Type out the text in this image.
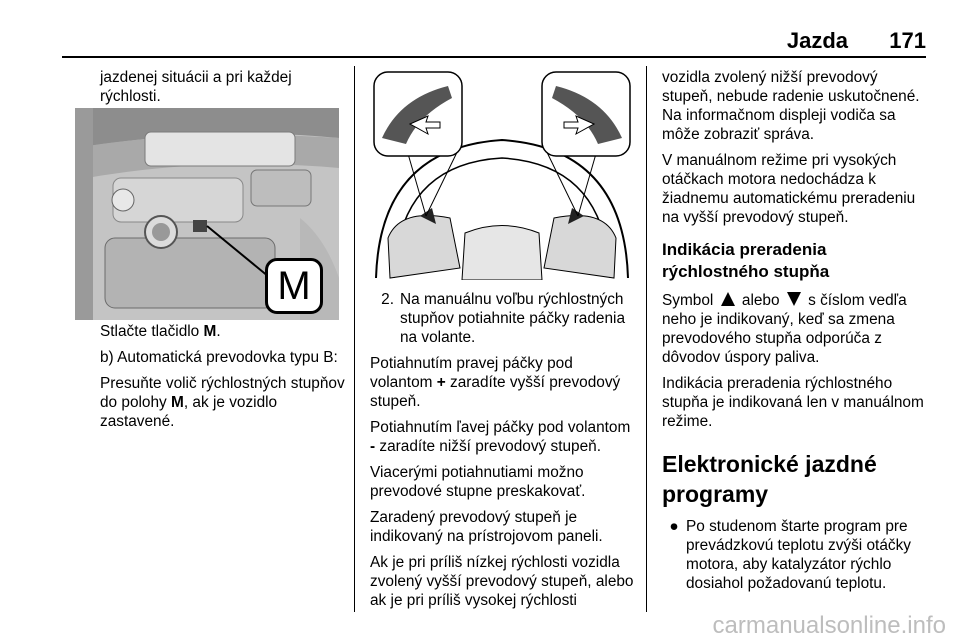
Jazda	171

jazdenej situácii a pri každej rýchlosti.

M

Stlačte tlačidlo M.

b) Automatická prevodovka typu B:

Presuňte volič rýchlostných stupňov do polohy M, ak je vozidlo zastavené.

2. Na manuálnu voľbu rýchlostných stupňov potiahnite páčky radenia na volante.

Potiahnutím pravej páčky pod volantom + zaradíte vyšší prevodový stupeň.

Potiahnutím ľavej páčky pod volantom - zaradíte nižší prevodový stupeň.

Viacerými potiahnutiami možno prevodové stupne preskakovať.

Zaradený prevodový stupeň je indikovaný na prístrojovom paneli.

Ak je pri príliš nízkej rýchlosti vozidla zvolený vyšší prevodový stupeň, alebo ak je pri príliš vysokej rýchlosti

vozidla zvolený nižší prevodový stupeň, nebude radenie uskutočnené. Na informačnom displeji vodiča sa môže zobraziť správa.

V manuálnom režime pri vysokých otáčkach motora nedochádza k žiadnemu automatickému preradeniu na vyšší prevodový stupeň.

Indikácia preradenia rýchlostného stupňa

Symbol  alebo  s číslom vedľa neho je indikovaný, keď sa zmena prevodového stupňa odporúča z dôvodov úspory paliva.

Indikácia preradenia rýchlostného stupňa je indikovaná len v manuálnom režime.

Elektronické jazdné programy
● Po studenom štarte program pre prevádzkovú teplotu zvýši otáčky motora, aby katalyzátor rýchlo dosiahol požadovanú teplotu.
carmanualsonline.info
